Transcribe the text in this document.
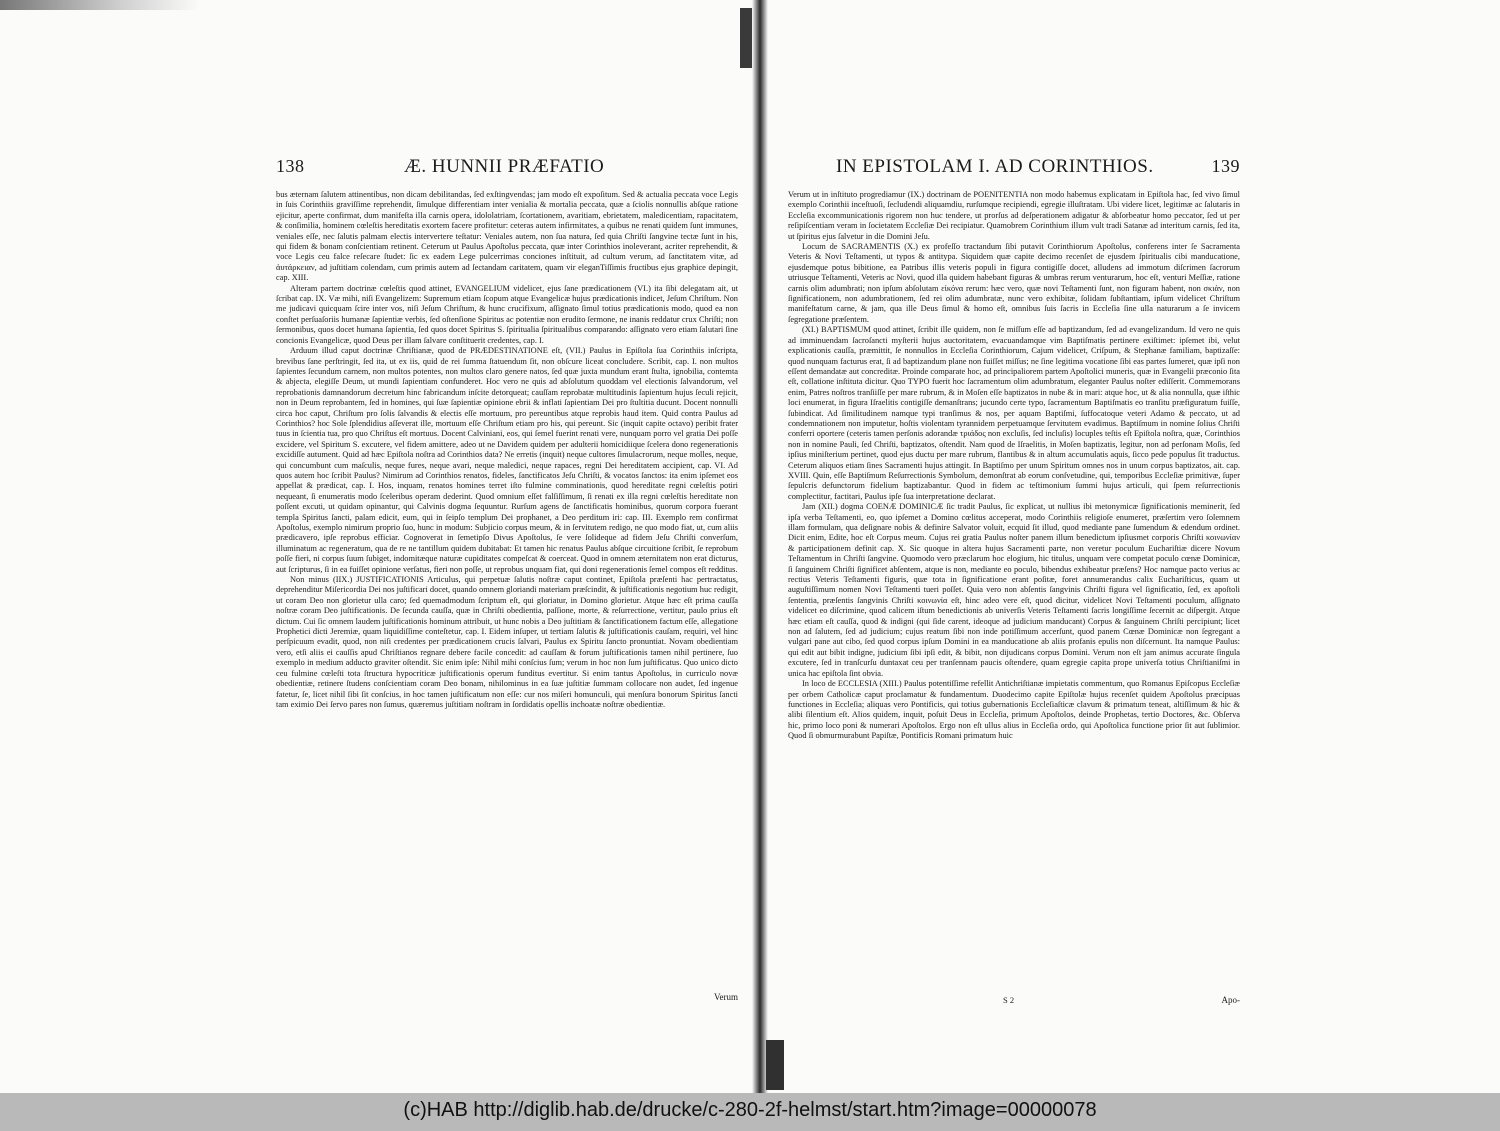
138	Æ. HUNNII PRÆFATIO

bus æternam ſalutem attinentibus, non dicam debilitandas, ſed exſtingvendas; jam modo eſt expoſitum. Sed & actualia peccata voce Legis in ſuis Corinthiis graviſſime reprehendit, ſimulque differentiam inter venialia & mortalia peccata, quæ a ſciolis nonnullis abſque ratione ejicitur, aperte confirmat, dum manifeſta illa carnis opera, idololatriam, ſcortationem, avaritiam, ebrietatem, maledicentiam, rapacitatem, & conſimilia, hominem cœleſtis hereditatis exortem facere profitetur: ceteras autem infirmitates, a quibus ne renati quidem ſunt immunes, veniales eſſe, nec ſalutis palmam electis intervertere teſtatur: Veniales autem, non ſua natura, ſed quia Chriſti ſangvine tectæ ſunt in his, qui fidem & bonam conſcientiam retinent. Ceterum ut Paulus Apoſtolus peccata, quæ inter Corinthios inoleverant, acriter reprehendit, & voce Legis ceu falce reſecare ſtudet: ſic ex eadem Lege pulcerrimas conciones inſtituit, ad cultum verum, ad ſanctitatem vitæ, ad ἀυτάρκειαν, ad juſtitiam colendam, cum primis autem ad ſectandam caritatem, quam vir eleganTiſſimis fructibus ejus graphice depingit, cap. XIII.

Alteram partem doctrinæ cœleſtis quod attinet, EVANGELIUM videlicet, ejus ſane prædicationem (VI.) ita ſibi delegatam ait, ut ſcribat cap. IX. Væ mihi, niſi Evangelizem: Supremum etiam ſcopum atque Evangelicæ hujus prædicationis indicet, Jeſum Chriſtum. Non me judicavi quicquam ſcire inter vos, niſi Jeſum Chriſtum, & hunc crucifixum, aſſignato ſimul totius prædicationis modo, quod ea non conſtet perſuaſoriis humanæ ſapientiæ verbis, ſed oſtenſione Spiritus ac potentiæ non erudito ſermone, ne inanis reddatur crux Chriſti; non ſermonibus, quos docet humana ſapientia, ſed quos docet Spiritus S. ſpiritualia ſpiritualibus comparando: aſſignato vero etiam ſalutari ſine concionis Evangelicæ, quod Deus per illam ſalvare conſtituerit credentes, cap. I.

Arduum illud caput doctrinæ Chriſtianæ, quod de PRÆDESTINATIONE eſt, (VII.) Paulus in Epiſtola ſua Corinthiis inſcripta, brevibus ſane perſtringit, ſed ita, ut ex iis, quid de rei ſumma ſtatuendum ſit, non obſcure liceat concludere. Scribit, cap. I. non multos ſapientes ſecundum carnem, non multos potentes, non multos claro genere natos, ſed quæ juxta mundum erant ſtulta, ignobilia, contemta & abjecta, elegiſſe Deum, ut mundi ſapientiam confunderet. Hoc vero ne quis ad abſolutum quoddam vel electionis ſalvandorum, vel reprobationis damnandorum decretum hinc fabricandum inſcite detorqueat; cauſſam reprobatæ multitudinis ſapientum hujus ſeculi rejicit, non in Deum reprobantem, ſed in homines, qui ſuæ ſapientiæ opinione ebrii & inflati ſapientiam Dei pro ſtultitia ducunt. Docent nonnulli circa hoc caput, Chriſtum pro ſolis ſalvandis & electis eſſe mortuum, pro pereuntibus atque reprobis haud item. Quid contra Paulus ad Corinthios? hoc Sole ſplendidius aſſeverat ille, mortuum eſſe Chriſtum etiam pro his, qui pereunt. Sic (inquit capite octavo) peribit frater tuus in ſcientia tua, pro quo Chriſtus eſt mortuus. Docent Calviniani, eos, qui ſemel fuerint renati vere, nunquam porro vel gratia Dei poſſe excidere, vel Spiritum S. excutere, vel fidem amittere, adeo ut ne Davidem quidem per adulterii homicidiique ſcelera dono regenerationis excidiſſe autument. Quid ad hæc Epiſtola noſtra ad Corinthios data? Ne erretis (inquit) neque cultores ſimulacrorum, neque molles, neque, qui concumbunt cum maſculis, neque fures, neque avari, neque maledici, neque rapaces, regni Dei hereditatem accipient, cap. VI. Ad quos autem hoc ſcribit Paulus? Nimirum ad Corinthios renatos, fideles, ſanctificatos Jeſu Chriſti, & vocatos ſanctos: ita enim ipſemet eos appellat & prædicat, cap. I. Hos, inquam, renatos homines terret iſto fulmine comminationis, quod hereditate regni cœleſtis potiri nequeant, ſi enumeratis modo ſceleribus operam dederint. Quod omnium eſſet falſiſſimum, ſi renati ex illa regni cœleſtis hereditate non poſſent excuti, ut quidam opinantur, qui Calvinis dogma ſequuntur. Rurſum agens de ſanctificatis hominibus, quorum corpora fuerant templa Spiritus ſancti, palam edicit, eum, qui in ſeipſo templum Dei prophanet, a Deo perditum iri: cap. III. Exemplo rem confirmat Apoſtolus, exemplo nimirum proprio ſuo, hunc in modum: Subjicio corpus meum, & in ſervitutem redigo, ne quo modo fiat, ut, cum aliis prædicavero, ipſe reprobus efficiar. Cognoverat in ſemetipſo Divus Apoſtolus, ſe vere ſolideque ad fidem Jeſu Chriſti converſum, illuminatum ac regeneratum, qua de re ne tantillum quidem dubitabat: Et tamen hic renatus Paulus abſque circuitione ſcribit, ſe reprobum poſſe fieri, ni corpus ſuum ſubiget, indomitæque naturæ cupiditates compeſcat & coerceat. Quod in omnem æternitatem non erat dicturus, aut ſcripturus, ſi in ea fuiſſet opinione verſatus, fieri non poſſe, ut reprobus unquam fiat, qui doni regenerationis ſemel compos eſt redditus.

Non minus (IIX.) JUSTIFICATIONIS Articulus, qui perpetuæ ſalutis noſtræ caput continet, Epiſtola præſenti hac pertractatus, deprehenditur Miſericordia Dei nos juſtificari docet, quando omnem gloriandi materiam præſcindit, & juſtificationis negotium huc redigit, ut coram Deo non glorietur ulla caro; ſed quemadmodum ſcriptum eſt, qui gloriatur, in Domino glorietur. Atque hæc eſt prima cauſſa noſtræ coram Deo juſtificationis. De ſecunda cauſſa, quæ in Chriſti obedientia, paſſione, morte, & reſurrectione, vertitur, paulo prius eſt dictum. Cui ſic omnem laudem juſtificationis hominum attribuit, ut hunc nobis a Deo juſtitiam & ſanctificationem factum eſſe, allegatione Prophetici dicti Jeremiæ, quam liquidiſſime conteſtetur, cap. I. Eidem inſuper, ut tertiam ſalutis & juſtificationis cauſam, requiri, vel hinc perſpicuum evadit, quod, non niſi credentes per prædicationem crucis ſalvari, Paulus ex Spiritu ſancto pronuntiat. Novam obedientiam vero, etſi aliis ei cauſſis apud Chriſtianos regnare debere facile concedit: ad cauſſam & forum juſtificationis tamen nihil pertinere, ſuo exemplo in medium adducto graviter oſtendit. Sic enim ipſe: Nihil mihi conſcius ſum; verum in hoc non ſum juſtificatus. Quo unico dicto ceu fulmine cœleſti tota ſtructura hypocriticæ juſtificationis operum funditus evertitur. Si enim tantus Apoſtolus, in curriculo novæ obedientiæ, retinere ſtudens conſcientiam coram Deo bonam, nihilominus in ea ſuæ juſtitiæ ſummam collocare non audet, ſed ingenue fatetur, ſe, licet nihil ſibi ſit conſcius, in hoc tamen juſtificatum non eſſe: cur nos miſeri homunculi, qui menſura bonorum Spiritus ſancti tam eximio Dei ſervo pares non ſumus, quæremus juſtitiam noſtram in ſordidatis opellis inchoatæ noſtræ obedientiæ.

Verum
IN EPISTOLAM I. AD CORINTHIOS.	139

Verum ut in inſtituto progrediamur (IX.) doctrinam de POENITENTIA non modo habemus explicatam in Epiſtola hac, ſed vivo ſimul exemplo Corinthii inceſtuoſi, ſecludendi aliquamdiu, rurſumque recipiendi, egregie illuſtratam. Ubi videre licet, legitimæ ac ſalutaris in Eccleſia excommunicationis rigorem non huc tendere, ut prorſus ad deſperationem adigatur & abſorbeatur homo peccator, ſed ut per reſipiſcentiam veram in ſocietatem Eccleſiæ Dei recipiatur. Quamobrem Corinthium illum vult tradi Satanæ ad interitum carnis, ſed ita, ut ſpiritus ejus ſalvetur in die Domini Jeſu.

Locum de SACRAMENTIS (X.) ex profeſſo tractandum ſibi putavit Corinthiorum Apoſtolus, conferens inter ſe Sacramenta Veteris & Novi Teſtamenti, ut typos & antitypa. Siquidem quæ capite decimo recenſet de ejusdem ſpiritualis cibi manducatione, ejusdemque potus bibitione, ea Patribus illis veteris populi in figura contigiſſe docet, alludens ad immotum diſcrimen ſacrorum utriusque Teſtamenti, Veteris ac Novi, quod illa quidem habebant figuras & umbras rerum venturarum, hoc eſt, venturi Meſſiæ, ratione carnis olim adumbrati; non ipſum abſolutam εἰκόνα rerum: hæc vero, quæ novi Teſtamenti ſunt, non figuram habent, non σκιὰν, non ſignificationem, non adumbrationem, ſed rei olim adumbratæ, nunc vero exhibitæ, ſolidam ſubſtantiam, ipſum videlicet Chriſtum manifeſtatum carne, & jam, qua ille Deus ſimul & homo eſt, omnibus ſuis ſacris in Eccleſia ſine ulla naturarum a ſe invicem ſegregatione præſentem.

(XI.) BAPTISMUM quod attinet, ſcribit ille quidem, non ſe miſſum eſſe ad baptizandum, ſed ad evangelizandum. Id vero ne quis ad imminuendam ſacroſancti myſterii hujus auctoritatem, evacuandamque vim Baptiſmatis pertinere exiſtimet: ipſemet ibi, velut explicationis cauſſa, præmittit, ſe nonnullos in Eccleſia Corinthiorum, Cajum videlicet, Criſpum, & Stephanæ familiam, baptizaſſe: quod nunquam facturus erat, ſi ad baptizandum plane non fuiſſet miſſus; ne ſine legitima vocatione ſibi eas partes ſumeret, quæ ipſi non eſſent demandatæ aut concreditæ. Proinde comparate hoc, ad principaliorem partem Apoſtolici muneris, quæ in Evangelii præconio ſita eſt, collatione inſtituta dicitur. Quo TYPO fuerit hoc ſacramentum olim adumbratum, eleganter Paulus noſter ediſſerit. Commemorans enim, Patres noſtros tranſiiſſe per mare rubrum, & in Moſen eſſe baptizatos in nube & in mari: atque hoc, ut & alia nonnulla, quæ iſthic loci enumerat, in figura Iſraelitis contigiſſe demanſtrans; jucundo certe typo, ſacramentum Baptiſmatis eo tranſitu præfiguratum fuiſſe, ſubindicat. Ad ſimilitudinem namque typi tranſimus & nos, per aquam Baptiſmi, ſuffocatoque veteri Adamo & peccato, ut ad condemnationem non imputetur, hoſtis violentam tyrannidem perpetuamque ſervitutem evadimus. Baptiſmum in nomine ſolius Chriſti conferri oportere (ceteris tamen perſonis adorandæ τριάδος non excluſis, ſed incluſis) locuples teſtis eſt Epiſtola noſtra, quæ, Corinthios non in nomine Pauli, ſed Chriſti, baptizatos, oſtendit. Nam quod de Iſraelitis, in Moſen baptizatis, legitur, non ad perſonam Moſis, ſed ipſius miniſterium pertinet, quod ejus ductu per mare rubrum, flantibus & in altum accumulatis aquis, ſicco pede populus ſit traductus. Ceterum aliquos etiam ſines Sacramenti hujus attingit. In Baptiſmo per unum Spiritum omnes nos in unum corpus baptizatos, ait. cap. XVIII. Quin, eſſe Baptiſmum Reſurrectionis Symbolum, demonſtrat ab eorum conſvetudine, qui, temporibus Eccleſiæ primitivæ, ſuper ſepulcris defunctorum fidelium baptizabantur. Quod in fidem ac teſtimonium ſummi hujus articuli, qui ſpem reſurrectionis complectitur, factitari, Paulus ipſe ſua interpretatione declarat.

Jam (XII.) dogma COENÆ DOMINICÆ ſic tradit Paulus, ſic explicat, ut nullius ibi metonymicæ ſignificationis meminerit, ſed ipſa verba Teſtamenti, eo, quo ipſemet a Domino cœlitus acceperat, modo Corinthiis religioſe enumeret, præſertim vero ſolemnem illam formulam, qua deſignare nobis & definire Salvator voluit, ecquid ſit illud, quod mediante pane ſumendum & edendum ordinet. Dicit enim, Edite, hoc eſt Corpus meum. Cujus rei gratia Paulus noſter panem illum benedictum ipſiusmet corporis Chriſti κοινωνίαν & participationem definit cap. X. Sic quoque in altera hujus Sacramenti parte, non veretur poculum Euchariſtiæ dicere Novum Teſtamentum in Chriſti ſangvine. Quomodo vero præclarum hoc elogium, hic titulus, unquam vere competat poculo cœnæ Dominicæ, ſi ſanguinem Chriſti ſignificet abſentem, atque is non, mediante eo poculo, bibendus exhibeatur præſens? Hoc namque pacto verius ac rectius Veteris Teſtamenti figuris, quæ tota in ſignificatione erant poſitæ, foret annumerandus calix Euchariſticus, quam ut auguſtiſſimum nomen Novi Teſtamenti tueri poſſet. Quia vero non abſentis ſangvinis Chriſti figura vel ſignificatio, ſed, ex apoſtoli ſententia, præſentis ſangvinis Chriſti κοινωνία eſt, hinc adeo vere eſt, quod dicitur, videlicet Novi Teſtamenti poculum, aſſignato videlicet eo diſcrimine, quod calicem iſtum benedictionis ab univerſis Veteris Teſtamenti ſacris longiſſime ſecernit ac diſpergit. Atque hæc etiam eſt cauſſa, quod & indigni (qui ſide carent, ideoque ad judicium manducant) Corpus & ſanguinem Chriſti percipiunt; licet non ad ſalutem, ſed ad judicium; cujus reatum ſibi non inde potiſſimum accerſunt, quod panem Cœnæ Dominicæ non ſegregant a vulgari pane aut cibo, ſed quod corpus ipſum Domini in ea manducatione ab aliis profanis epulis non diſcernunt. Ita namque Paulus: qui edit aut bibit indigne, judicium ſibi ipſi edit, & bibit, non dijudicans corpus Domini. Verum non eſt jam animus accurate ſingula excutere, ſed in tranſcurſu duntaxat ceu per tranſennam paucis oſtendere, quam egregie capita prope univerſa totius Chriſtianiſmi in unica hac epiſtola ſint obvia.

In loco de ECCLESIA (XIII.) Paulus potentiſſime refellit Antichriſtianæ impietatis commentum, quo Romanus Epiſcopus Eccleſiæ per orbem Catholicæ caput proclamatur & fundamentum. Duodecimo capite Epiſtolæ hujus recenſet quidem Apoſtolus præcipuas functiones in Eccleſia; aliquas vero Pontificis, qui totius gubernationis Eccleſiaſticæ clavum & primatum teneat, altiſſimum & hic & alibi ſilentium eſt. Alios quidem, inquit, poſuit Deus in Eccleſia, primum Apoſtolos, deinde Prophetas, tertio Doctores, &c. Obſerva hic, primo loco poni & numerari Apoſtolos. Ergo non eſt ullus alius in Eccleſia ordo, qui Apoſtolica functione prior ſit aut ſublimior. Quod ſi obmurmurabunt Papiſtæ, Pontificis Romani primatum huic

S 2	Apo-
(c)HAB http://diglib.hab.de/drucke/c-280-2f-helmst/start.htm?image=00000078
